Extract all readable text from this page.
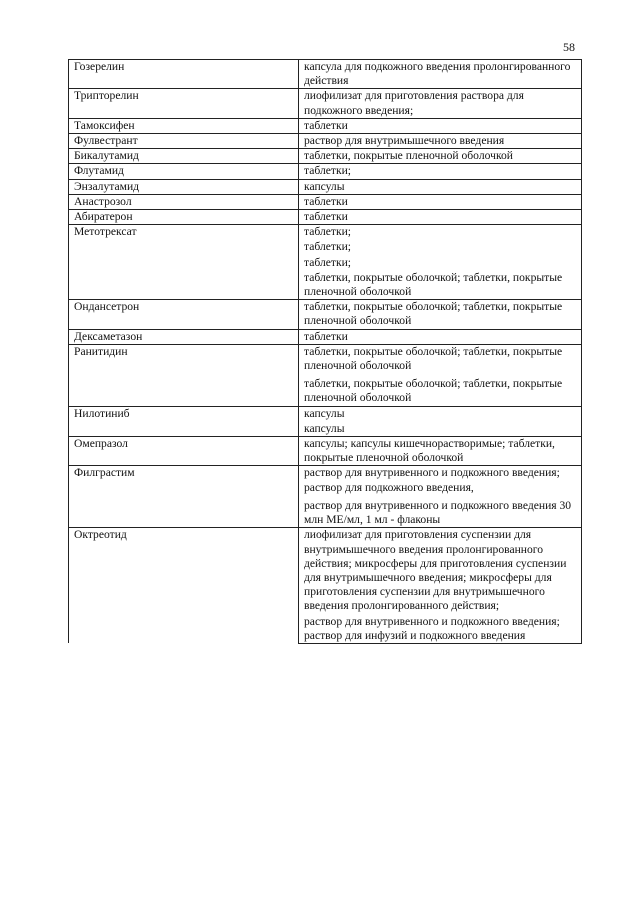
58
Гозерелин	капсула для подкожного введения пролонгированного действия

Трипторелин	лиофилизат для приготовления раствора для подкожного введения;

Тамоксифен	таблетки

Фулвестрант	раствор для внутримышечного введения

Бикалутамид	таблетки, покрытые пленочной оболочкой

Флутамид	таблетки;

Энзалутамид	капсулы

Анастрозол	таблетки

Абиратерон	таблетки

Метотрексат	таблетки;
таблетки;
таблетки;
таблетки, покрытые оболочкой; таблетки, покрытые пленочной оболочкой

Ондансетрон	таблетки, покрытые оболочкой; таблетки, покрытые пленочной оболочкой

Дексаметазон	таблетки

Ранитидин	таблетки, покрытые оболочкой; таблетки, покрытые пленочной оболочкой
таблетки, покрытые оболочкой; таблетки, покрытые пленочной оболочкой

Нилотиниб	капсулы
капсулы

Омепразол	капсулы; капсулы кишечнорастворимые; таблетки, покрытые пленочной оболочкой

Филграстим	раствор для внутривенного и подкожного введения; раствор для подкожного введения,
раствор для внутривенного и подкожного введения 30 млн МЕ/мл, 1 мл - флаконы

Октреотид	лиофилизат для приготовления суспензии для внутримышечного введения пролонгированного действия; микросферы для приготовления суспензии для внутримышечного введения; микросферы для приготовления суспензии для внутримышечного введения пролонгированного действия;
раствор для внутривенного и подкожного введения; раствор для инфузий и подкожного введения
